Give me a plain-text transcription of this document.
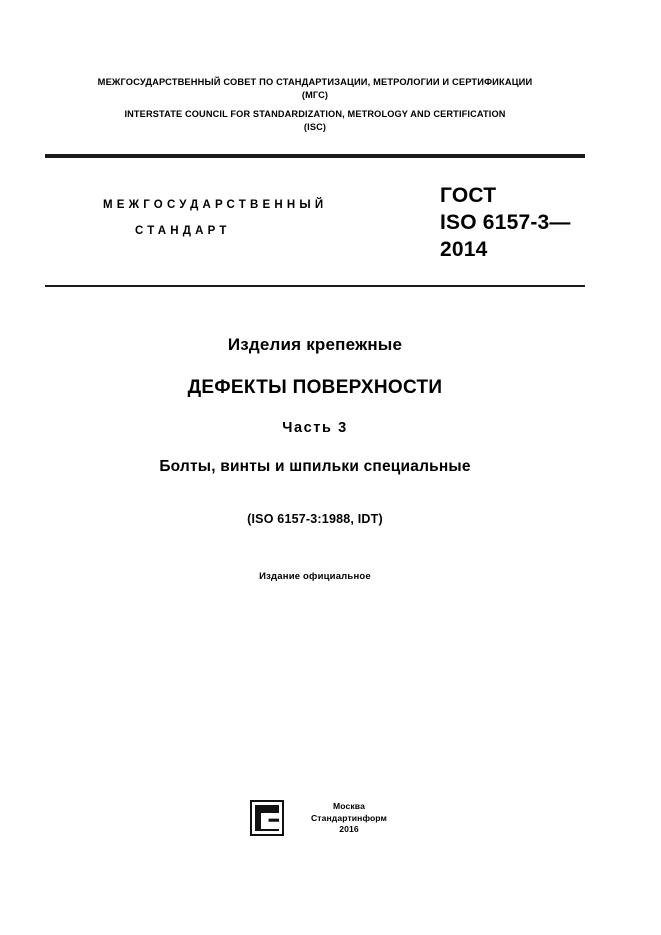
МЕЖГОСУДАРСТВЕННЫЙ СОВЕТ ПО СТАНДАРТИЗАЦИИ, МЕТРОЛОГИИ И СЕРТИФИКАЦИИ
(МГС)
INTERSTATE COUNCIL FOR STANDARDIZATION, METROLOGY AND CERTIFICATION
(ISC)
МЕЖГОСУДАРСТВЕННЫЙ
СТАНДАРТ
ГОСТ
ISO 6157-3—
2014
Изделия крепежные
ДЕФЕКТЫ ПОВЕРХНОСТИ
Часть 3
Болты, винты и шпильки специальные
(ISO 6157-3:1988, IDT)
Издание официальное
Москва
Стандартинформ
2016
